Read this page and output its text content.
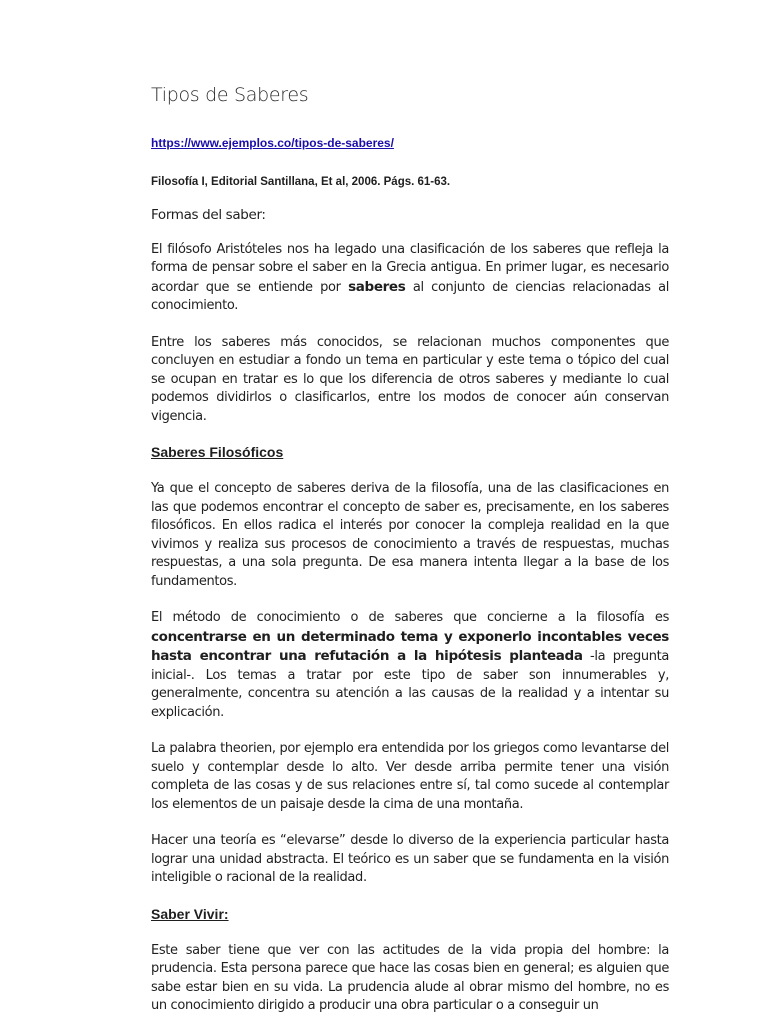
Tipos de Saberes
https://www.ejemplos.co/tipos-de-saberes/
Filosofía I, Editorial Santillana, Et al, 2006. Págs. 61-63.

Formas del saber:

El filósofo Aristóteles nos ha legado una clasificación de los saberes que refleja la forma de pensar sobre el saber en la Grecia antigua. En primer lugar, es necesario acordar que se entiende por saberes al conjunto de ciencias relacionadas al conocimiento.

Entre los saberes más conocidos, se relacionan muchos componentes que concluyen en estudiar a fondo un tema en particular y este tema o tópico del cual se ocupan en tratar es lo que los diferencia de otros saberes y mediante lo cual podemos dividirlos o clasificarlos, entre los modos de conocer aún conservan vigencia.

Saberes Filosóficos

Ya que el concepto de saberes deriva de la filosofía, una de las clasificaciones en las que podemos encontrar el concepto de saber es, precisamente, en los saberes filosóficos. En ellos radica el interés por conocer la compleja realidad en la que vivimos y realiza sus procesos de conocimiento a través de respuestas, muchas respuestas, a una sola pregunta. De esa manera intenta llegar a la base de los fundamentos.

El método de conocimiento o de saberes que concierne a la filosofía es concentrarse en un determinado tema y exponerlo incontables veces hasta encontrar una refutación a la hipótesis planteada -la pregunta inicial-. Los temas a tratar por este tipo de saber son innumerables y, generalmente, concentra su atención a las causas de la realidad y a intentar su explicación.

La palabra theorien, por ejemplo era entendida por los griegos como levantarse del suelo y contemplar desde lo alto. Ver desde arriba permite tener una visión completa de las cosas y de sus relaciones entre sí, tal como sucede al contemplar los elementos de un paisaje desde la cima de una montaña.

Hacer una teoría es “elevarse” desde lo diverso de la experiencia particular hasta lograr una unidad abstracta. El teórico es un saber que se fundamenta en la visión inteligible o racional de la realidad.

Saber Vivir:

Este saber tiene que ver con las actitudes de la vida propia del hombre: la prudencia. Esta persona parece que hace las cosas bien en general; es alguien que sabe estar bien en su vida. La prudencia alude al obrar mismo del hombre, no es un conocimiento dirigido a producir una obra particular o a conseguir un
